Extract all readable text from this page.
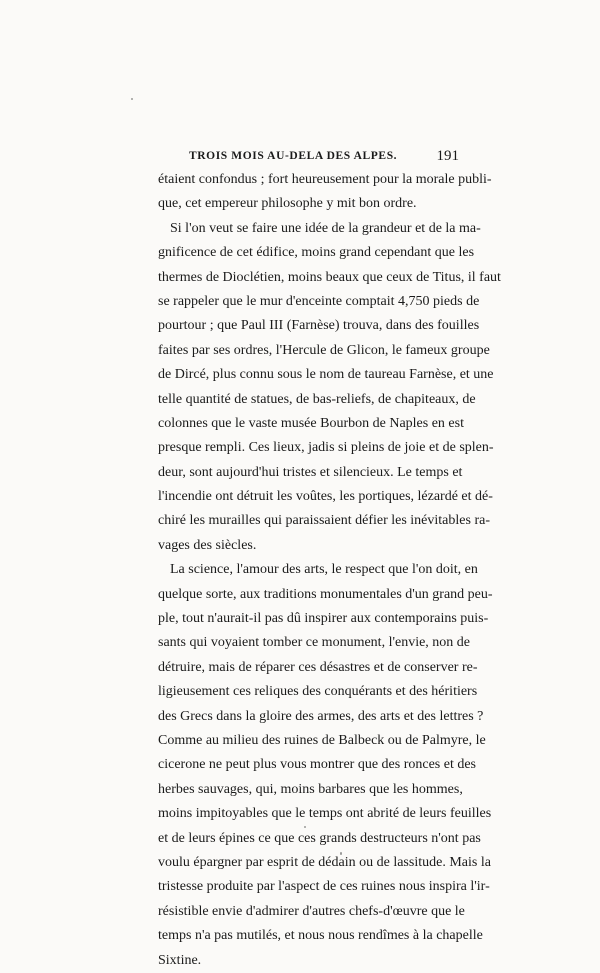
TROIS MOIS AU-DELA DES ALPES.	191
étaient confondus ; fort heureusement pour la morale publi-
que, cet empereur philosophe y mit bon ordre.
Si l'on veut se faire une idée de la grandeur et de la ma-
gnificence de cet édifice, moins grand cependant que les
thermes de Dioclétien, moins beaux que ceux de Titus, il faut
se rappeler que le mur d'enceinte comptait 4,750 pieds de
pourtour ; que Paul III (Farnèse) trouva, dans des fouilles
faites par ses ordres, l'Hercule de Glicon, le fameux groupe
de Dircé, plus connu sous le nom de taureau Farnèse, et une
telle quantité de statues, de bas-reliefs, de chapiteaux, de
colonnes que le vaste musée Bourbon de Naples en est
presque rempli. Ces lieux, jadis si pleins de joie et de splen-
deur, sont aujourd'hui tristes et silencieux. Le temps et
l'incendie ont détruit les voûtes, les portiques, lézardé et dé-
chiré les murailles qui paraissaient défier les inévitables ra-
vages des siècles.
La science, l'amour des arts, le respect que l'on doit, en
quelque sorte, aux traditions monumentales d'un grand peu-
ple, tout n'aurait-il pas dû inspirer aux contemporains puis-
sants qui voyaient tomber ce monument, l'envie, non de
détruire, mais de réparer ces désastres et de conserver re-
ligieusement ces reliques des conquérants et des héritiers
des Grecs dans la gloire des armes, des arts et des lettres ?
Comme au milieu des ruines de Balbeck ou de Palmyre, le
cicerone ne peut plus vous montrer que des ronces et des
herbes sauvages, qui, moins barbares que les hommes,
moins impitoyables que le temps ont abrité de leurs feuilles
et de leurs épines ce que ces grands destructeurs n'ont pas
voulu épargner par esprit de dédain ou de lassitude. Mais la
tristesse produite par l'aspect de ces ruines nous inspira l'ir-
résistible envie d'admirer d'autres chefs-d'œuvre que le
temps n'a pas mutilés, et nous nous rendîmes à la chapelle
Sixtine.
